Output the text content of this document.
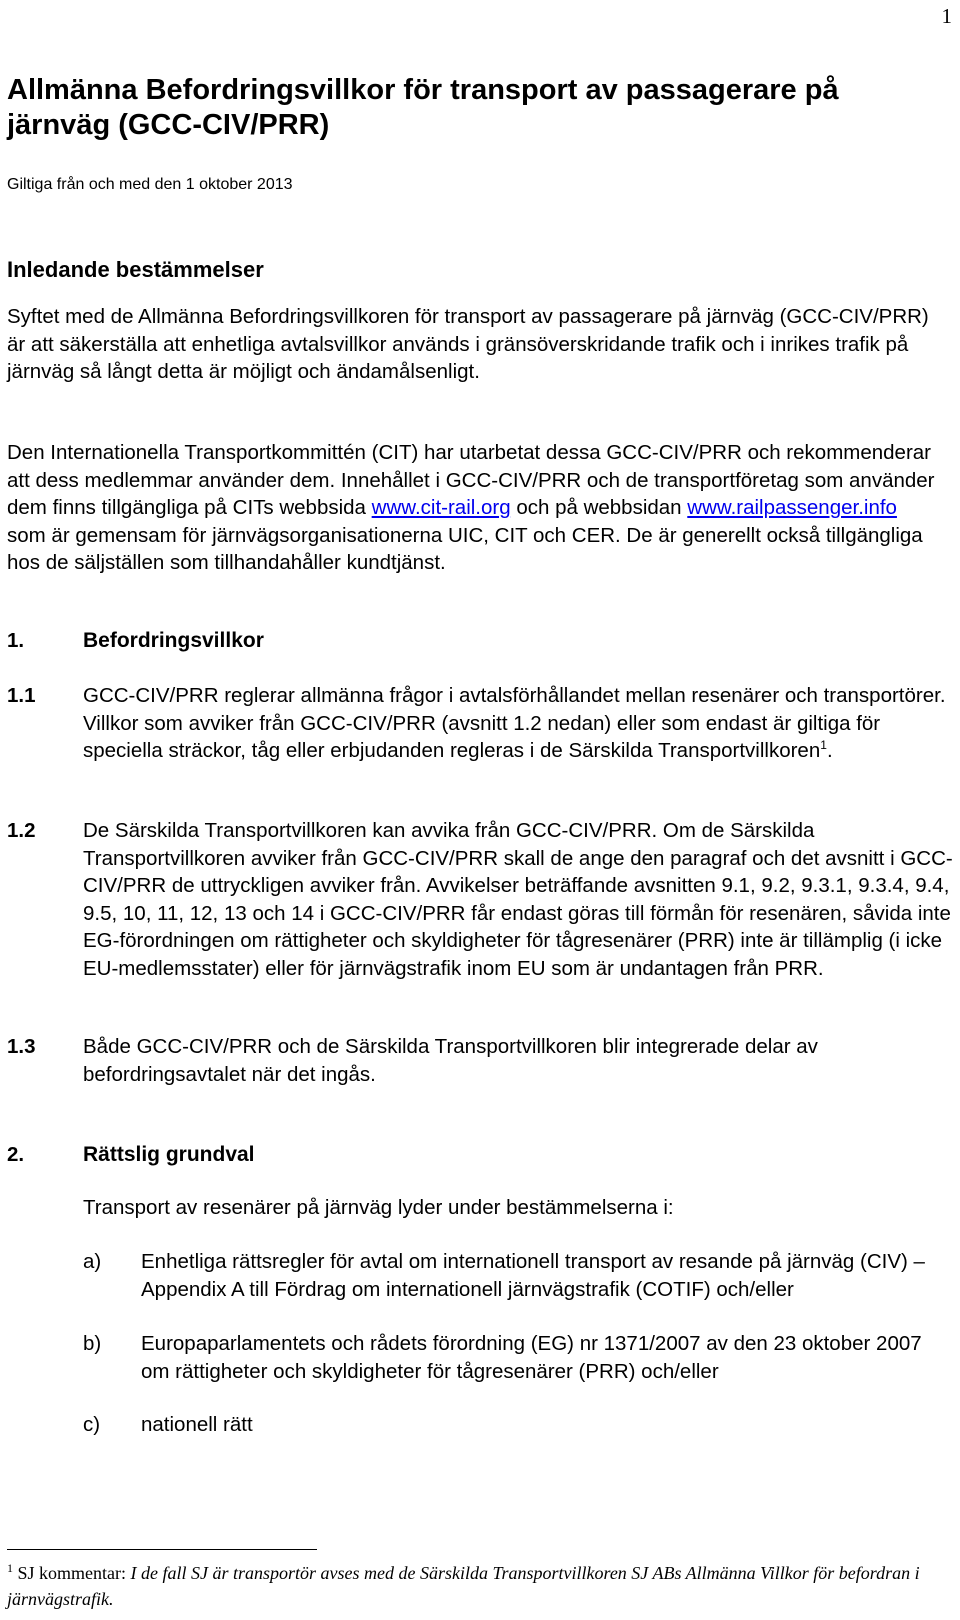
1
Allmänna Befordringsvillkor för transport av passagerare på järnväg (GCC-CIV/PRR)
Giltiga från och med den 1 oktober 2013
Inledande bestämmelser

Syftet med de Allmänna Befordringsvillkoren för transport av passagerare på järnväg (GCC-CIV/PRR) är att säkerställa att enhetliga avtalsvillkor används i gränsöverskridande trafik och i inrikes trafik på järnväg så långt detta är möjligt och ändamålsenligt.

Den Internationella Transportkommittén (CIT) har utarbetat dessa GCC-CIV/PRR och rekommenderar att dess medlemmar använder dem. Innehållet i GCC-CIV/PRR och de transportföretag som använder dem finns tillgängliga på CITs webbsida www.cit-rail.org och på webbsidan www.railpassenger.info som är gemensam för järnvägsorganisationerna UIC, CIT och CER. De är generellt också tillgängliga hos de säljställen som tillhandahåller kundtjänst.

1.	Befordringsvillkor
1.1 GCC-CIV/PRR reglerar allmänna frågor i avtalsförhållandet mellan resenärer och transportörer. Villkor som avviker från GCC-CIV/PRR (avsnitt 1.2 nedan) eller som endast är giltiga för speciella sträckor, tåg eller erbjudanden regleras i de Särskilda Transportvillkoren$^1$.

1.2 De Särskilda Transportvillkoren kan avvika från GCC-CIV/PRR. Om de Särskilda Transportvillkoren avviker från GCC-CIV/PRR skall de ange den paragraf och det avsnitt i GCC-CIV/PRR de uttryckligen avviker från. Avvikelser beträffande avsnitten 9.1, 9.2, 9.3.1, 9.3.4, 9.4, 9.5, 10, 11, 12, 13 och 14 i GCC-CIV/PRR får endast göras till förmån för resenären, såvida inte EG-förordningen om rättigheter och skyldigheter för tågresenärer (PRR) inte är tillämplig (i icke EU-medlemsstater) eller för järnvägstrafik inom EU som är undantagen från PRR.

1.3 Både GCC-CIV/PRR och de Särskilda Transportvillkoren blir integrerade delar av befordringsavtalet när det ingås.

2.	Rättslig grundval

Transport av resenärer på järnväg lyder under bestämmelserna i:

a) Enhetliga rättsregler för avtal om internationell transport av resande på järnväg (CIV) – Appendix A till Fördrag om internationell järnvägstrafik (COTIF) och/eller

b) Europaparlamentets och rådets förordning (EG) nr 1371/2007 av den 23 oktober 2007 om rättigheter och skyldigheter för tågresenärer (PRR) och/eller

c) nationell rätt

$^1$ SJ kommentar: I de fall SJ är transportör avses med de Särskilda Transportvillkoren SJ ABs Allmänna Villkor för befordran i järnvägstrafik.
